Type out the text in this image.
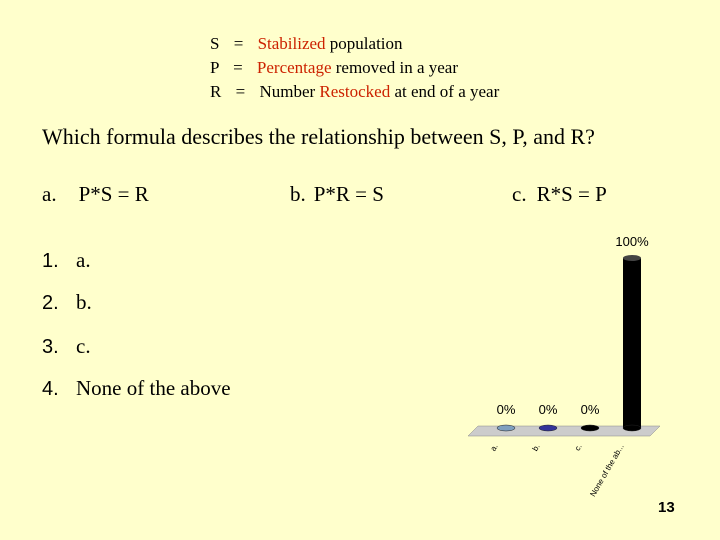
S = Stabilized population
P = Percentage removed in a year
R = Number Restocked at end of a year
Which formula describes the relationship between S, P, and R?
a. P*S = R	b. P*R = S	c. R*S = P
1. a.
2. b.
3. c.
4. None of the above
0%
a.
0%
b.
0%
c.
100%
None of the ab...
13
